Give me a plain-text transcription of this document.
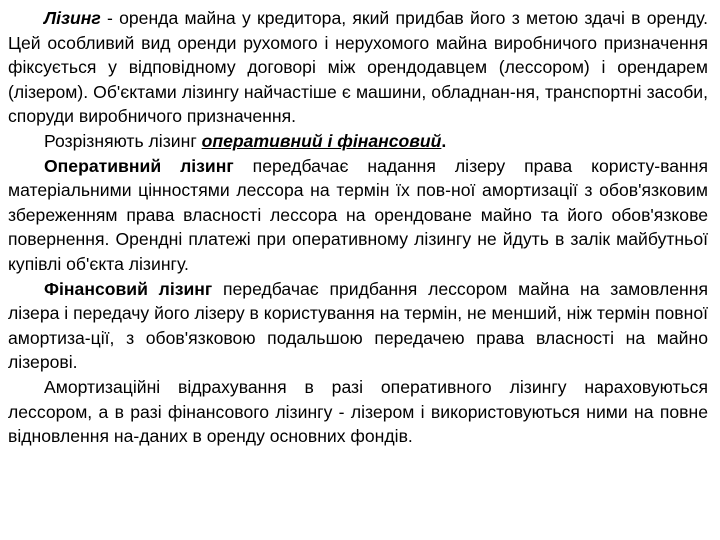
Лізинг - оренда майна у кредитора, який придбав його з метою здачі в оренду. Цей особливий вид оренди рухомого і нерухомого майна виробничого призначення фіксується у відповідному договорі між орендодавцем (лессором) і орендарем (лізером). Об'єктами лізингу найчастіше є машини, обладнан-ня, транспортні засоби, споруди виробничого призначення.

Розрізняють лізинг оперативний і фінансовий.

Оперативний лізинг передбачає надання лізеру права користу-вання матеріальними цінностями лессора на термін їх пов-ної амортизації з обов'язковим збереженням права власності лессора на орендоване майно та його обов'язкове повернення. Орендні платежі при оперативному лізингу не йдуть в залік майбутньої купівлі об'єкта лізингу.

Фінансовий лізинг передбачає придбання лессором майна на замовлення лізера і передачу його лізеру в користування на термін, не менший, ніж термін повної амортиза-ції, з обов'язковою подальшою передачею права власності на майно лізерові.

Амортизаційні відрахування в разі оперативного лізингу нараховуються лессором, а в разі фінансового лізингу - лізером і використовуються ними на повне відновлення на-даних в оренду основних фондів.
